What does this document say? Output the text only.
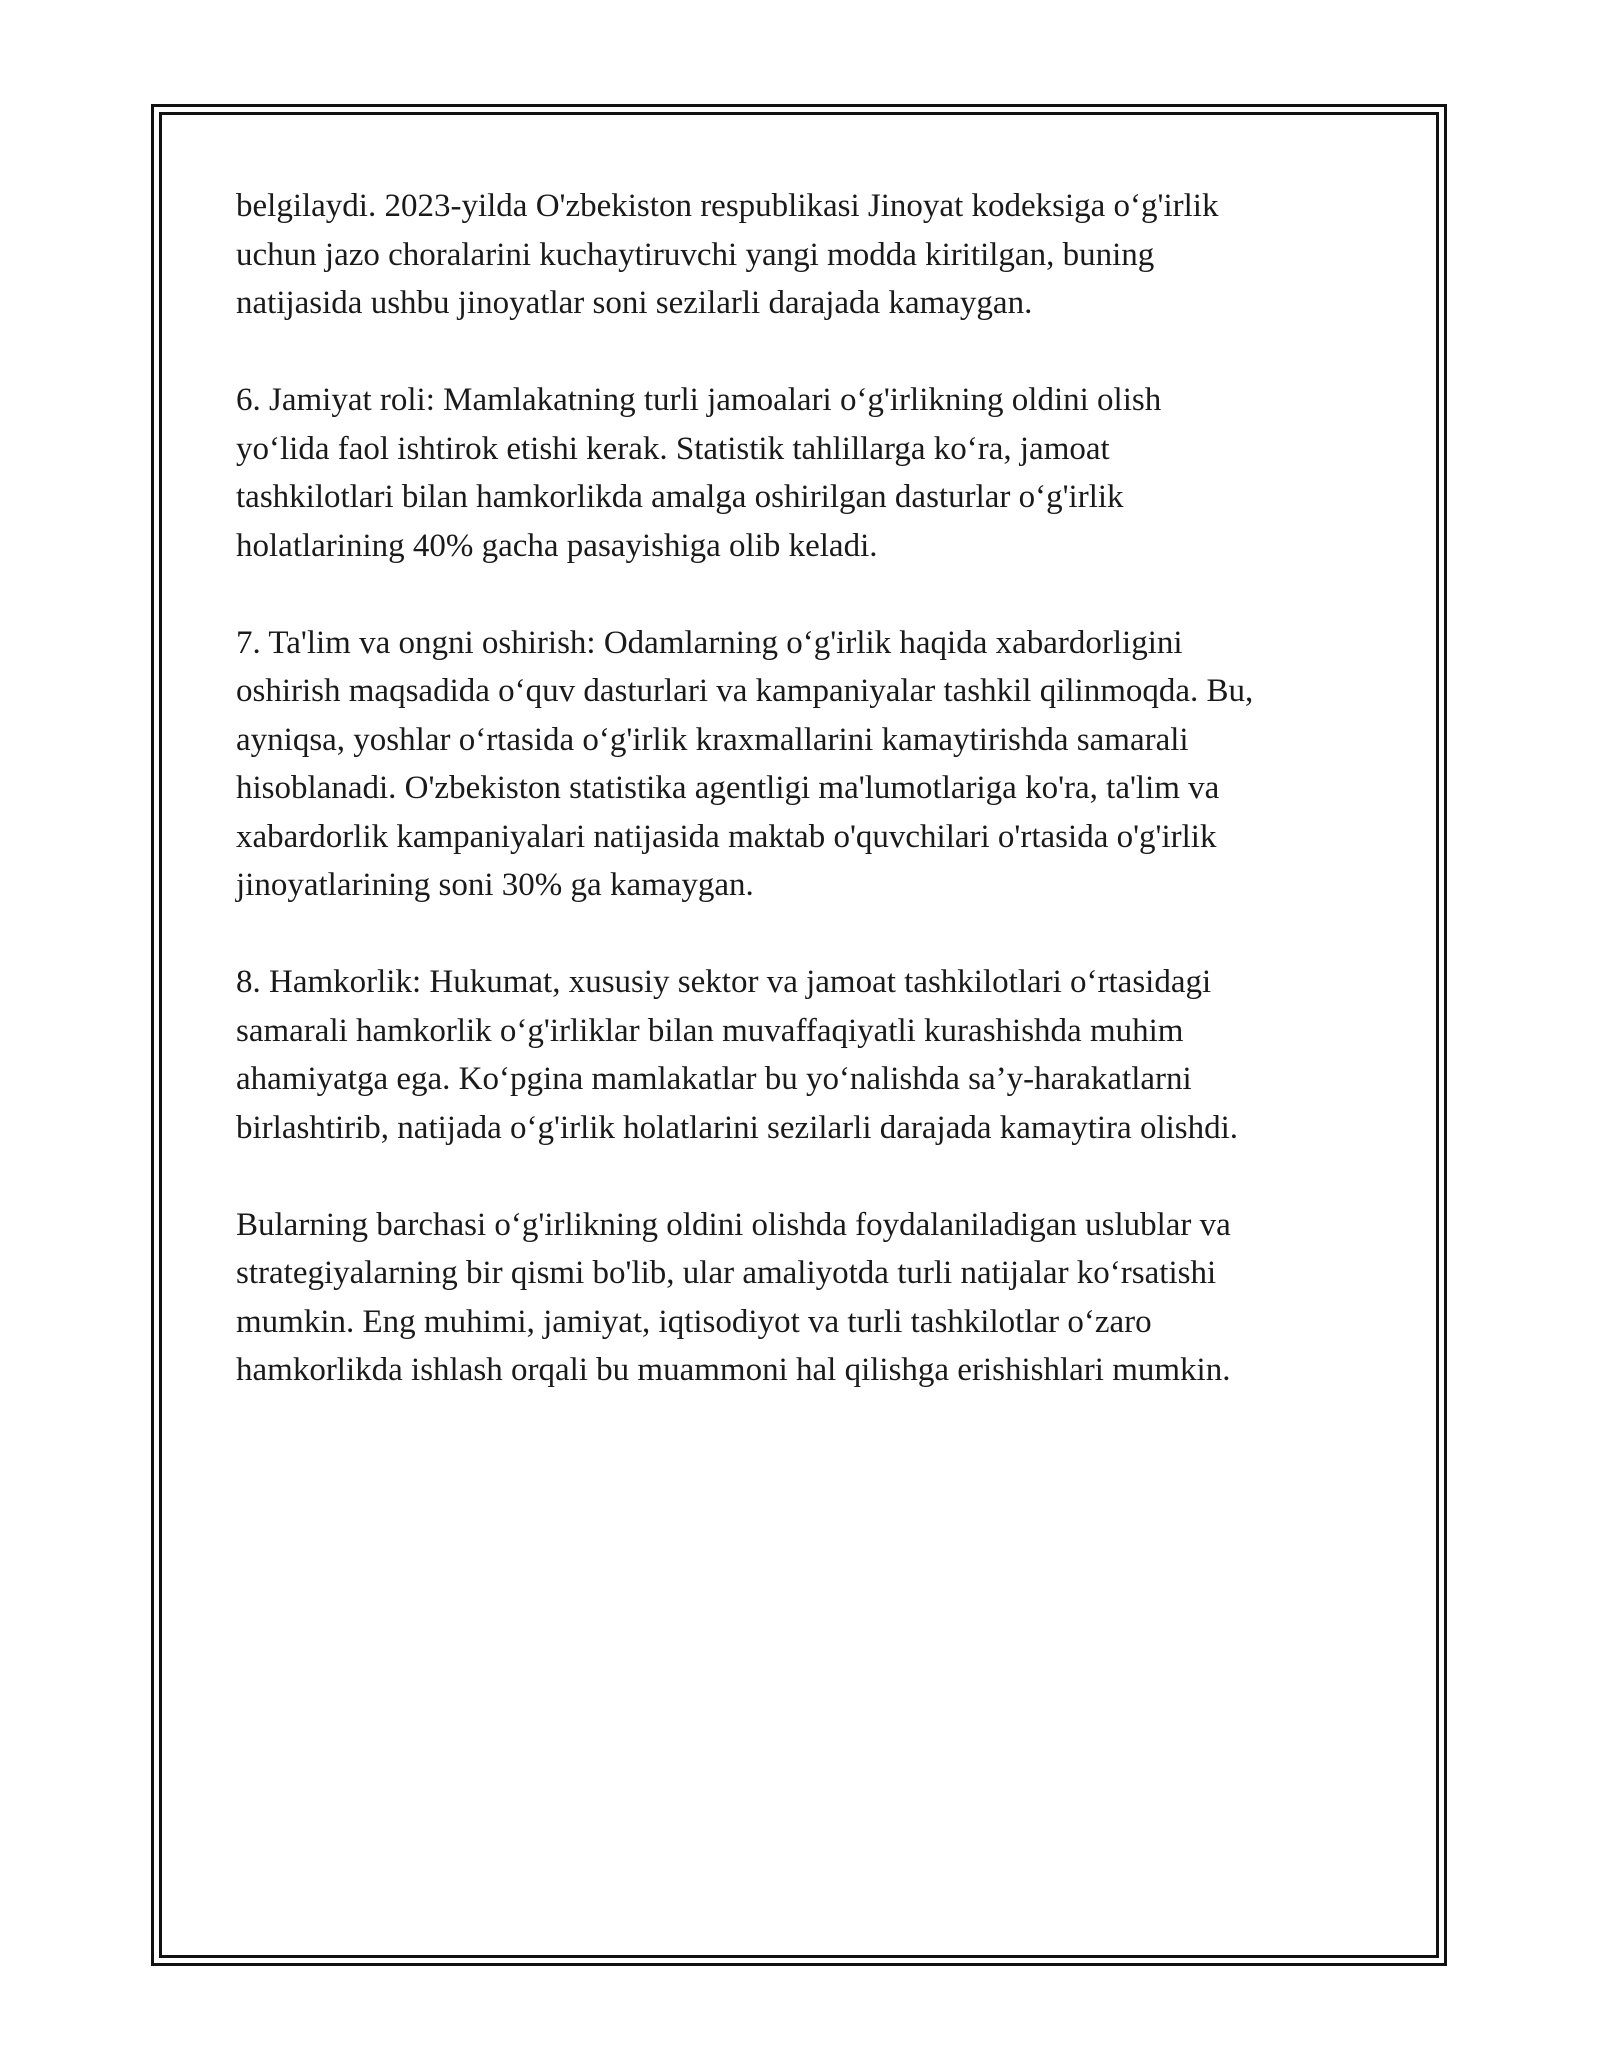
belgilaydi. 2023-yilda O'zbekiston respublikasi Jinoyat kodeksiga o‘g'irlik
uchun jazo choralarini kuchaytiruvchi yangi modda kiritilgan, buning
natijasida ushbu jinoyatlar soni sezilarli darajada kamaygan.

6. Jamiyat roli: Mamlakatning turli jamoalari o‘g'irlikning oldini olish
yo‘lida faol ishtirok etishi kerak. Statistik tahlillarga ko‘ra, jamoat
tashkilotlari bilan hamkorlikda amalga oshirilgan dasturlar o‘g'irlik
holatlarining 40% gacha pasayishiga olib keladi.

7. Ta'lim va ongni oshirish: Odamlarning o‘g'irlik haqida xabardorligini
oshirish maqsadida o‘quv dasturlari va kampaniyalar tashkil qilinmoqda. Bu,
ayniqsa, yoshlar o‘rtasida o‘g'irlik kraxmallarini kamaytirishda samarali
hisoblanadi. O'zbekiston statistika agentligi ma'lumotlariga ko'ra, ta'lim va
xabardorlik kampaniyalari natijasida maktab o'quvchilari o'rtasida o'g'irlik
jinoyatlarining soni 30% ga kamaygan.

8. Hamkorlik: Hukumat, xususiy sektor va jamoat tashkilotlari o‘rtasidagi
samarali hamkorlik o‘g'irliklar bilan muvaffaqiyatli kurashishda muhim
ahamiyatga ega. Ko‘pgina mamlakatlar bu yo‘nalishda sa’y-harakatlarni
birlashtirib, natijada o‘g'irlik holatlarini sezilarli darajada kamaytira olishdi.

Bularning barchasi o‘g'irlikning oldini olishda foydalaniladigan uslublar va
strategiyalarning bir qismi bo'lib, ular amaliyotda turli natijalar ko‘rsatishi
mumkin. Eng muhimi, jamiyat, iqtisodiyot va turli tashkilotlar o‘zaro
hamkorlikda ishlash orqali bu muammoni hal qilishga erishishlari mumkin.
